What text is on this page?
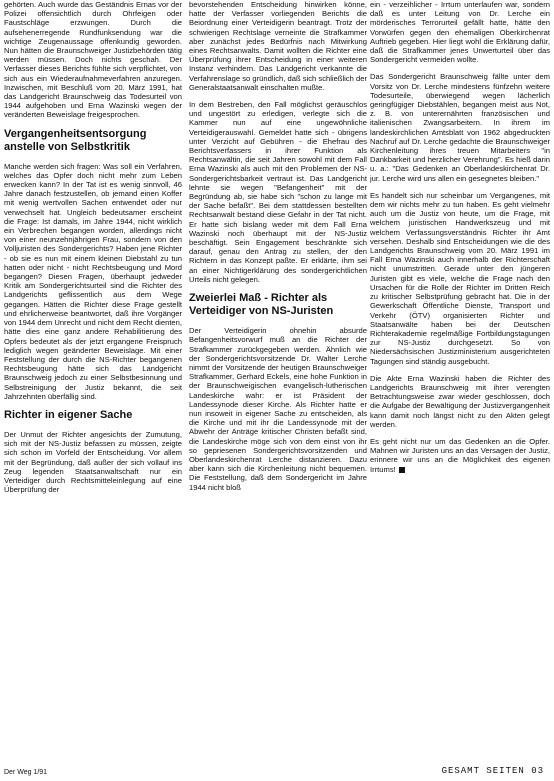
gehörten. Auch wurde das Geständnis Ernas vor der Polizei offensichtlich durch Ohrfeigen oder Faustschläge erzwungen. Durch die aufsehenerregende Rundfunksendung war die wichtige Zeugenaussage offenkundig geworden. Nun hätten die Braunschweiger Justizbehörden tätig werden müssen. Doch nichts geschah. Der Verfasser dieses Berichts fühlte sich verpflichtet, von sich aus ein Wiederaufnahmeverfahren anzuregen. Inzwischen, mit Beschluß vom 20. März 1991, hat das Landgericht Braunschweig das Todesurteil von 1944 aufgehoben und Erna Wazinski wegen der veränderten Beweislage freigesprochen.

Vergangenheitsentsorgung anstelle von Selbstkritik

Manche werden sich fragen: Was soll ein Verfahren, welches das Opfer doch nicht mehr zum Leben erwecken kann? In der Tat ist es wenig sinnvoll, 46 Jahre danach festzustellen, ob jemand einen Koffer mit wenig wertvollen Sachen entwendet oder nur verwechselt hat. Ungleich bedeutsamer erscheint die Frage: Ist damals, im Jahre 1944, nicht wirklich ein Verbrechen begangen worden, allerdings nicht von einer neunzehnjährigen Frau, sondern von den Volljuristen des Sondergerichts? Haben jene Richter - ob sie es nun mit einem kleinen Diebstahl zu tun hatten oder nicht - nicht Rechtsbeugung und Mord begangen? Diesen Fragen, überhaupt jedweder Kritik am Sondergerichtsurteil sind die Richter des Landgerichts geflissentlich aus dem Wege gegangen. Hätten die Richter diese Frage gestellt und ehrlicherweise beantwortet, daß ihre Vorgänger von 1944 dem Unrecht und nicht dem Recht dienten, hätte dies eine ganz andere Rehabilitierung des Opfers bedeutet als der jetzt ergangene Freispruch lediglich wegen geänderter Beweislage. Mit einer Feststellung der durch die NS-Richter begangenen Rechtsbeugung hätte sich das Landgericht Braunschweig jedoch zu einer Selbstbesinnung und Selbstreinigung der Justiz bekannt, die seit Jahrzehnten überfällig sind.

Richter in eigener Sache

Der Unmut der Richter angesichts der Zumutung, sich mit der NS-Justiz befassen zu müssen, zeigte sich schon im Vorfeld der Entscheidung. Vor allem mit der Begründung, daß außer der sich vollauf ins Zeug legenden Staatsanwaltschaft nur ein Verteidiger durch Rechtsmitteleinlegung auf eine Überprüfung der

bevorstehenden Entscheidung hinwirken könne, hatte der Verfasser vorliegenden Berichts die Beiordnung einer Verteidigerin beantragt. Trotz der schwierigen Rechtslage verneinte die Strafkammer aber zunächst jedes Bedürfnis nach Mitwirkung eines Rechtsanwalts. Damit wollten die Richter eine Überprüfung ihrer Entscheidung in einer weiteren Instanz verhindern. Das Landgericht verkannte die Verfahrenslage so gründlich, daß sich schließlich der Generalstaatsanwalt einschalten mußte.

In dem Bestreben, den Fall möglichst geräuschlos und ungestört zu erledigen, verlegte sich die Kammer nun auf eine ungewöhnliche Verteidigerauswahl. Gemeldet hatte sich - übrigens unter Verzicht auf Gebühren - die Ehefrau des Berichtsverfassers in ihrer Funktion als Rechtsanwältin, die seit Jahren sowohl mit dem Fall Erna Wazinski als auch mit den Problemen der NS-Sondergerichtsbarkeit vertraut ist. Das Landgericht lehnte sie wegen "Befangenheit" mit der Begründung ab, sie habe sich "schon zu lange mit der Sache befaßt". Bei dem stattdessen bestellten Rechtsanwalt bestand diese Gefahr in der Tat nicht. Er hatte sich bislang weder mit dem Fall Erna Wazinski noch überhaupt mit der NS-Justiz beschäftigt. Sein Engagement beschränkte sich darauf, genau den Antrag zu stellen, der den Richtern in das Konzept paßte. Er erklärte, ihm sei an einer Nichtigerklärung des sondergerichtlichen Urteils nicht gelegen.

Zweierlei Maß - Richter als Verteidiger von NS-Juristen

Der Verteidigerin ohnehin absurde Befangenheitsvorwurf muß an die Richter der Strafkammer zurückgegeben werden. Ähnlich wie der Sondergerichtsvorsitzende Dr. Walter Lerche nimmt der Vorsitzende der heutigen Braunschweiger Strafkammer, Gerhard Eckels, eine hohe Funktion in der Braunschweigischen evangelisch-lutherischen Landeskirche wahr: er ist Präsident der Landessynode dieser Kirche. Als Richter hatte er nun insoweit in eigener Sache zu entscheiden, als die Kirche und mit ihr die Landessynode mit der Abwehr der Anträge kritischer Christen befaßt sind, die Landeskirche möge sich von dem einst von ihr so gepriesenen Sondergerichtsvorsitzenden und Oberlandeskirchenrat Lerche distanzieren. Dazu aber kann sich die Kirchenleitung nicht bequemen. Die Feststellung, daß dem Sondergericht im Jahre 1944 nicht bloß

ein - verzeihlicher - Irrtum unterlaufen war, sondern daß es unter Leitung von Dr. Lerche ein mörderisches Terrorurteil gefällt hatte, hätte den Vorwürfen gegen den ehemaligen Oberkirchenrat Auftrieb gegeben. Hier liegt wohl die Erklärung dafür, daß die Strafkammer jenes Unwerturteil über das Sondergericht vermeiden wollte.

Das Sondergericht Braunschweig fällte unter dem Vorsitz von Dr. Lerche mindestens fünfzehn weitere Todesurteile, überwiegend wegen lächerlich geringfügiger Diebstählen, begangen meist aus Not, z. B. von unterernährten französischen und italienischen Zwangsarbeitern. In ihrem im landeskirchlichen Amtsblatt von 1962 abgedruckten Nachruf auf Dr. Lerche gedachte die Braunschweiger Kirchenleitung ihres treuen Mitarbeiters "in Dankbarkeit und herzlicher Verehrung". Es hieß darin u. a.: "Das Gedenken an Oberlandeskirchenrat Dr. jur. Lerche wird uns allen ein gesegnetes bleiben."

Es handelt sich nur scheinbar um Vergangenes, mit dem wir nichts mehr zu tun haben. Es geht vielmehr auch um die Justiz von heute, um die Frage, mit welchem juristischen Handwerkszeug und mit welchem Verfassungsverständnis Richter ihr Amt versehen. Deshalb sind Entscheidungen wie die des Landgerichts Braunschweig vom 20. März 1991 im Fall Erna Wazinski auch innerhalb der Richterschaft nicht unumstritten. Gerade unter den jüngeren Juristen gibt es viele, welche die Frage nach den Ursachen für die Rolle der Richter im Dritten Reich zu kritischer Selbstprüfung gebracht hat. Die in der Gewerkschaft Öffentliche Dienste, Transport und Verkehr (ÖTV) organisierten Richter und Staatsanwälte haben bei der Deutschen Richterakademie regelmäßige Fortbildungstagungen zur NS-Justiz durchgesetzt. So von Niedersächsischen Justizministerium ausgerichteten Tagungen sind ständig ausgebucht.

Die Akte Erna Wazinski haben die Richter des Landgerichts Braunschweig mit ihrer verengten Betrachtungsweise zwar wieder geschlossen, doch die Aufgabe der Bewältigung der Justizvergangenheit kann damit noch längst nicht zu den Akten gelegt werden.

Es geht nicht nur um das Gedenken an die Opfer. Mahnen wir Juristen uns an das Versagen der Justiz, erinnere wir uns an die Möglichkeit des eigenen Irrtums!

Der Weg 1/91	GESAMT SEITEN 03
